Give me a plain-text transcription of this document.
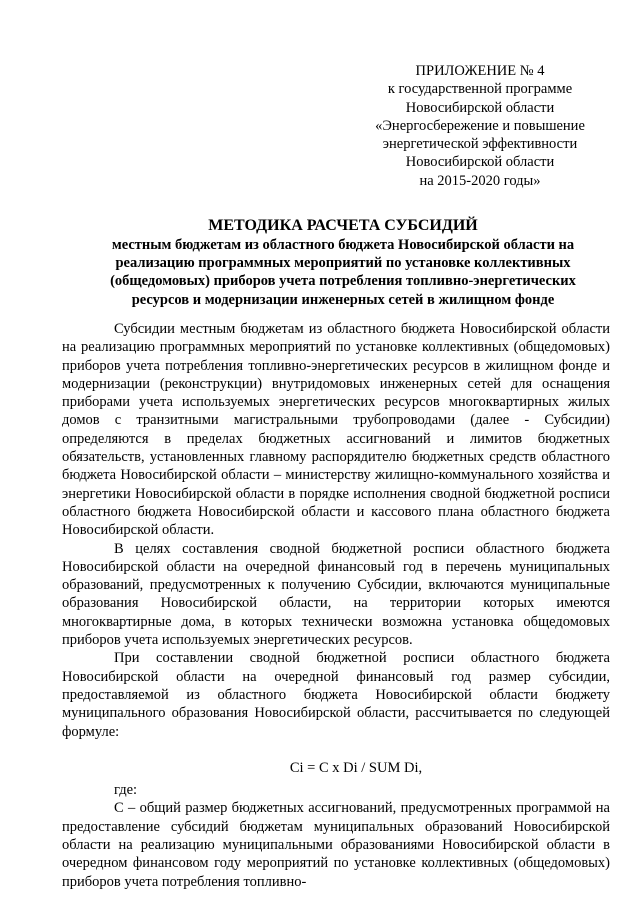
ПРИЛОЖЕНИЕ № 4
к государственной программе
Новосибирской области
«Энергосбережение и повышение
энергетической эффективности
Новосибирской области
на 2015-2020 годы»
МЕТОДИКА РАСЧЕТА СУБСИДИЙ
местным бюджетам из областного бюджета Новосибирской области на
реализацию программных мероприятий по установке коллективных
(общедомовых) приборов учета потребления топливно-энергетических
ресурсов и модернизации инженерных сетей в жилищном фонде

Субсидии местным бюджетам из областного бюджета Новосибирской области на реализацию программных мероприятий по установке коллективных (общедомовых) приборов учета потребления топливно-энергетических ресурсов в жилищном фонде и модернизации (реконструкции) внутридомовых инженерных сетей для оснащения приборами учета используемых энергетических ресурсов многоквартирных жилых домов с транзитными магистральными трубопроводами (далее - Субсидии) определяются в пределах бюджетных ассигнований и лимитов бюджетных обязательств, установленных главному распорядителю бюджетных средств областного бюджета Новосибирской области – министерству жилищно-коммунального хозяйства и энергетики Новосибирской области в порядке исполнения сводной бюджетной росписи областного бюджета Новосибирской области и кассового плана областного бюджета Новосибирской области.

В целях составления сводной бюджетной росписи областного бюджета Новосибирской области на очередной финансовый год в перечень муниципальных образований, предусмотренных к получению Субсидии, включаются муниципальные образования Новосибирской области, на территории которых имеются многоквартирные дома, в которых технически возможна установка общедомовых приборов учета используемых энергетических ресурсов.

При составлении сводной бюджетной росписи областного бюджета Новосибирской области на очередной финансовый год размер субсидии, предоставляемой из областного бюджета Новосибирской области бюджету муниципального образования Новосибирской области, рассчитывается по следующей формуле:

Ci = C x Di / SUM Di,

где:

С – общий размер бюджетных ассигнований, предусмотренных программой на предоставление субсидий бюджетам муниципальных образований Новосибирской области на реализацию муниципальными образованиями Новосибирской области в очередном финансовом году мероприятий по установке коллективных (общедомовых) приборов учета потребления топливно-
